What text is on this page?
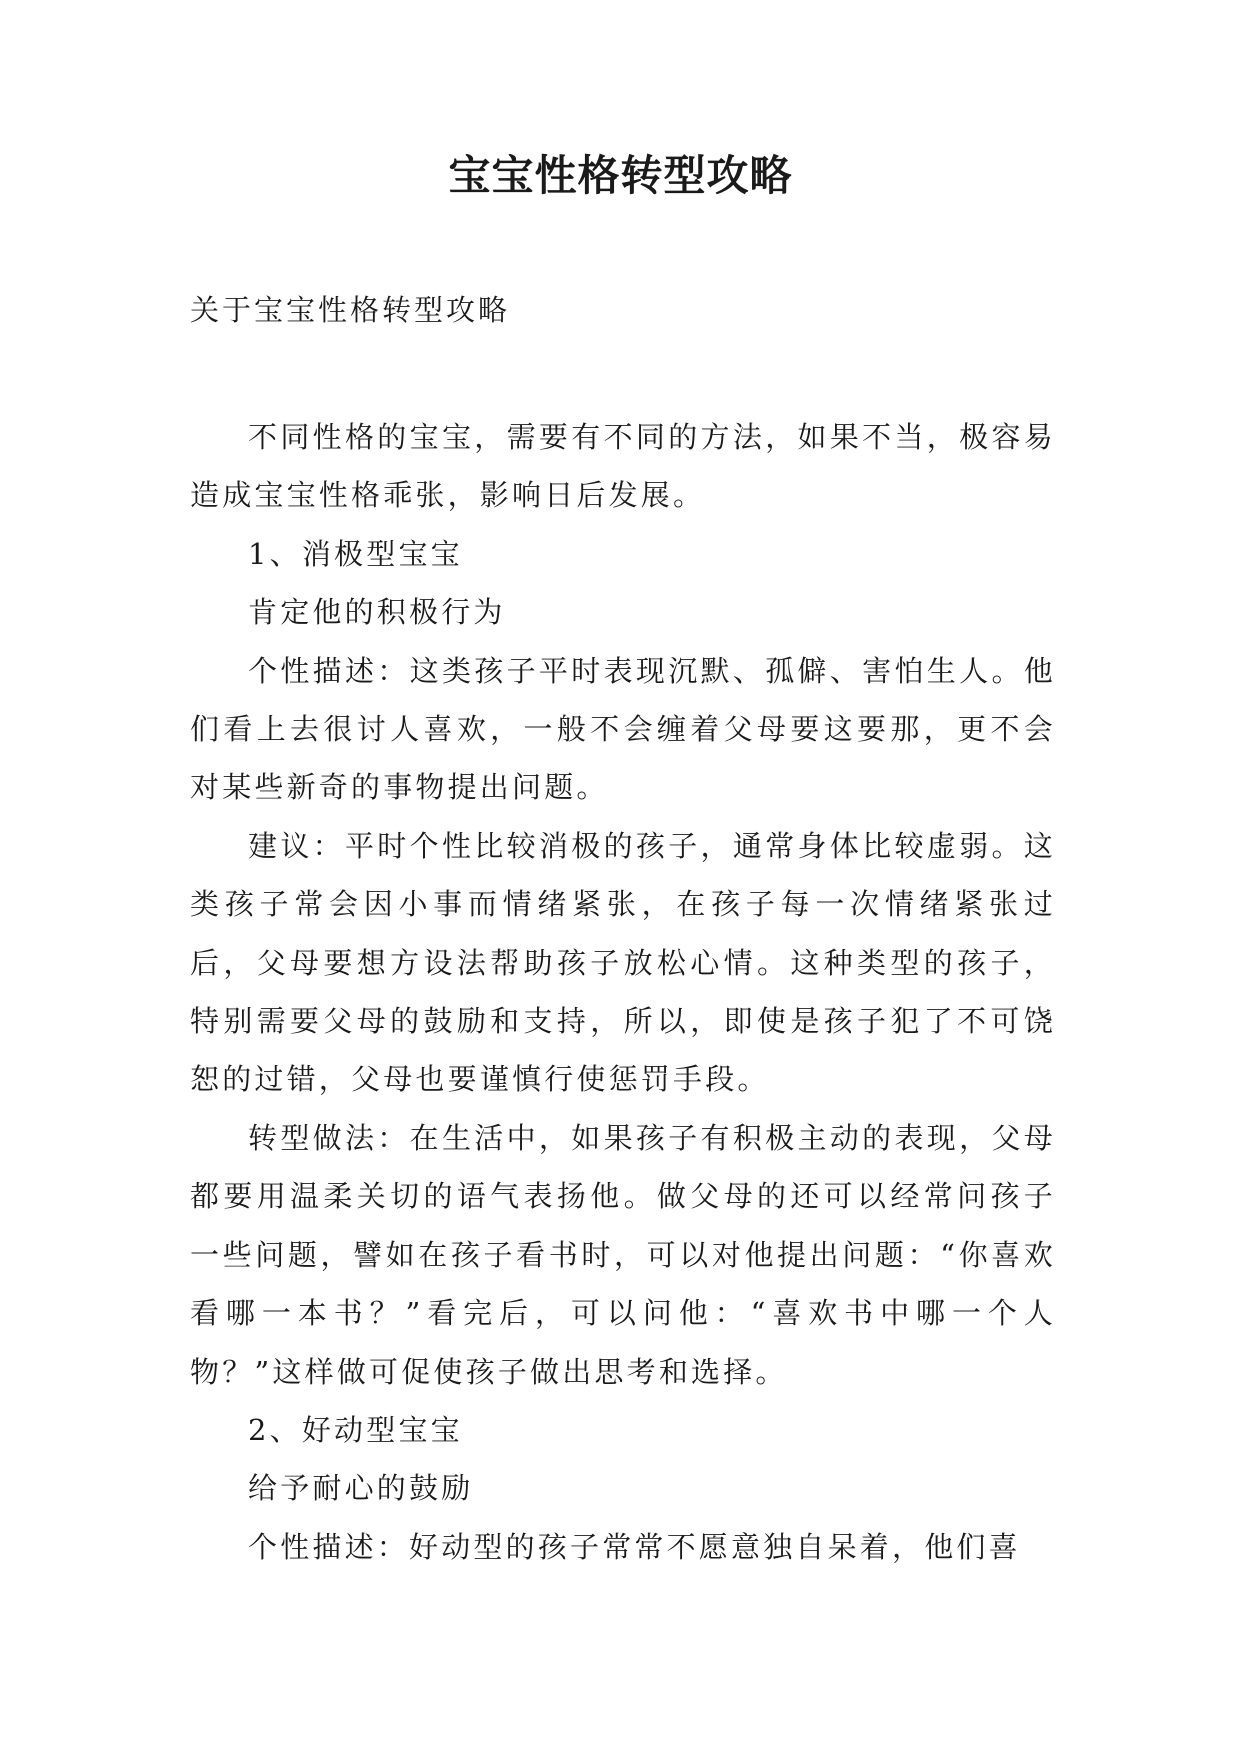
宝宝性格转型攻略
关于宝宝性格转型攻略

不同性格的宝宝，需要有不同的方法，如果不当，极容易造成宝宝性格乖张，影响日后发展。

1、消极型宝宝

肯定他的积极行为

个性描述：这类孩子平时表现沉默、孤僻、害怕生人。他们看上去很讨人喜欢，一般不会缠着父母要这要那，更不会对某些新奇的事物提出问题。

建议：平时个性比较消极的孩子，通常身体比较虚弱。这类孩子常会因小事而情绪紧张，在孩子每一次情绪紧张过后，父母要想方设法帮助孩子放松心情。这种类型的孩子，特别需要父母的鼓励和支持，所以，即使是孩子犯了不可饶恕的过错，父母也要谨慎行使惩罚手段。

转型做法：在生活中，如果孩子有积极主动的表现，父母都要用温柔关切的语气表扬他。做父母的还可以经常问孩子一些问题，譬如在孩子看书时，可以对他提出问题：“你喜欢看哪一本书？”看完后，可以问他：“喜欢书中哪一个人物？”这样做可促使孩子做出思考和选择。

2、好动型宝宝

给予耐心的鼓励

个性描述：好动型的孩子常常不愿意独自呆着，他们喜
